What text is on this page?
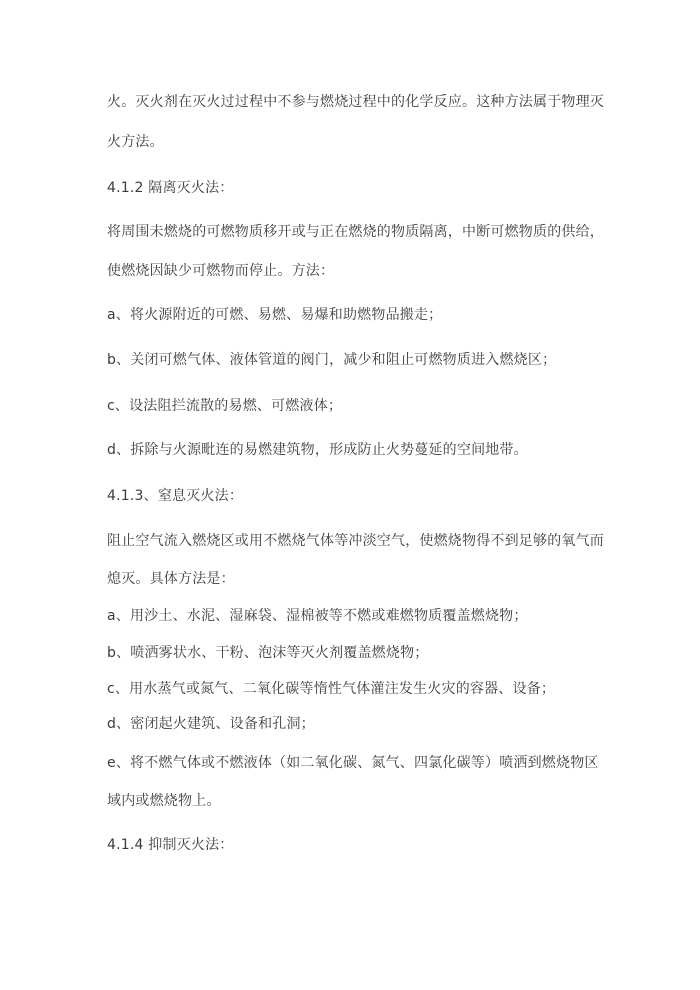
火。灭火剂在灭火过过程中不参与燃烧过程中的化学反应。这种方法属于物理灭
火方法。
4.1.2 隔离灭火法：
将周围未燃烧的可燃物质移开或与正在燃烧的物质隔离，中断可燃物质的供给，
使燃烧因缺少可燃物而停止。方法：
a、将火源附近的可燃、易燃、易爆和助燃物品搬走；
b、关闭可燃气体、液体管道的阀门，减少和阻止可燃物质进入燃烧区；
c、设法阻拦流散的易燃、可燃液体；
d、拆除与火源毗连的易燃建筑物，形成防止火势蔓延的空间地带。
4.1.3、窒息灭火法：
阻止空气流入燃烧区或用不燃烧气体等冲淡空气，使燃烧物得不到足够的氧气而
熄灭。具体方法是：
a、用沙土、水泥、湿麻袋、湿棉被等不燃或难燃物质覆盖燃烧物；
b、喷洒雾状水、干粉、泡沫等灭火剂覆盖燃烧物；
c、用水蒸气或氮气、二氧化碳等惰性气体灌注发生火灾的容器、设备；
d、密闭起火建筑、设备和孔洞；
e、将不燃气体或不燃液体（如二氧化碳、氮气、四氯化碳等）喷洒到燃烧物区
域内或燃烧物上。
4.1.4 抑制灭火法：
